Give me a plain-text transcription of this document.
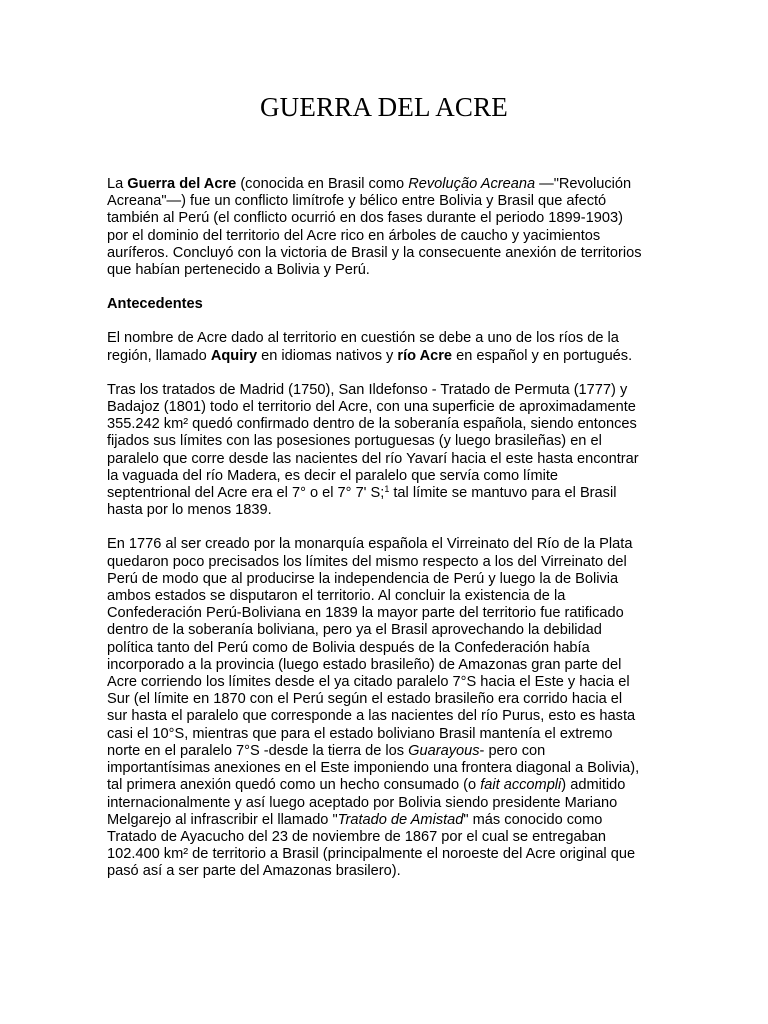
GUERRA DEL ACRE

La Guerra del Acre (conocida en Brasil como Revolução Acreana —"Revolución
Acreana"—) fue un conflicto limítrofe y bélico entre Bolivia y Brasil que afectó
también al Perú (el conflicto ocurrió en dos fases durante el periodo 1899-1903)
por el dominio del territorio del Acre rico en árboles de caucho y yacimientos
auríferos. Concluyó con la victoria de Brasil y la consecuente anexión de territorios
que habían pertenecido a Bolivia y Perú.

Antecedentes

El nombre de Acre dado al territorio en cuestión se debe a uno de los ríos de la
región, llamado Aquiry en idiomas nativos y río Acre en español y en portugués.

Tras los tratados de Madrid (1750), San Ildefonso - Tratado de Permuta (1777) y
Badajoz (1801) todo el territorio del Acre, con una superficie de aproximadamente
355.242 km² quedó confirmado dentro de la soberanía española, siendo entonces
fijados sus límites con las posesiones portuguesas (y luego brasileñas) en el
paralelo que corre desde las nacientes del río Yavarí hacia el este hasta encontrar
la vaguada del río Madera, es decir el paralelo que servía como límite
septentrional del Acre era el 7° o el 7° 7' S;$^1$ tal límite se mantuvo para el Brasil
hasta por lo menos 1839.

En 1776 al ser creado por la monarquía española el Virreinato del Río de la Plata
quedaron poco precisados los límites del mismo respecto a los del Virreinato del
Perú de modo que al producirse la independencia de Perú y luego la de Bolivia
ambos estados se disputaron el territorio. Al concluir la existencia de la
Confederación Perú-Boliviana en 1839 la mayor parte del territorio fue ratificado
dentro de la soberanía boliviana, pero ya el Brasil aprovechando la debilidad
política tanto del Perú como de Bolivia después de la Confederación había
incorporado a la provincia (luego estado brasileño) de Amazonas gran parte del
Acre corriendo los límites desde el ya citado paralelo 7°S hacia el Este y hacia el
Sur (el límite en 1870 con el Perú según el estado brasileño era corrido hacia el
sur hasta el paralelo que corresponde a las nacientes del río Purus, esto es hasta
casi el 10°S, mientras que para el estado boliviano Brasil mantenía el extremo
norte en el paralelo 7°S -desde la tierra de los Guarayous- pero con
importantísimas anexiones en el Este imponiendo una frontera diagonal a Bolivia),
tal primera anexión quedó como un hecho consumado (o fait accompli) admitido
internacionalmente y así luego aceptado por Bolivia siendo presidente Mariano
Melgarejo al infrascribir el llamado "Tratado de Amistad" más conocido como
Tratado de Ayacucho del 23 de noviembre de 1867 por el cual se entregaban
102.400 km² de territorio a Brasil (principalmente el noroeste del Acre original que
pasó así a ser parte del Amazonas brasilero).
